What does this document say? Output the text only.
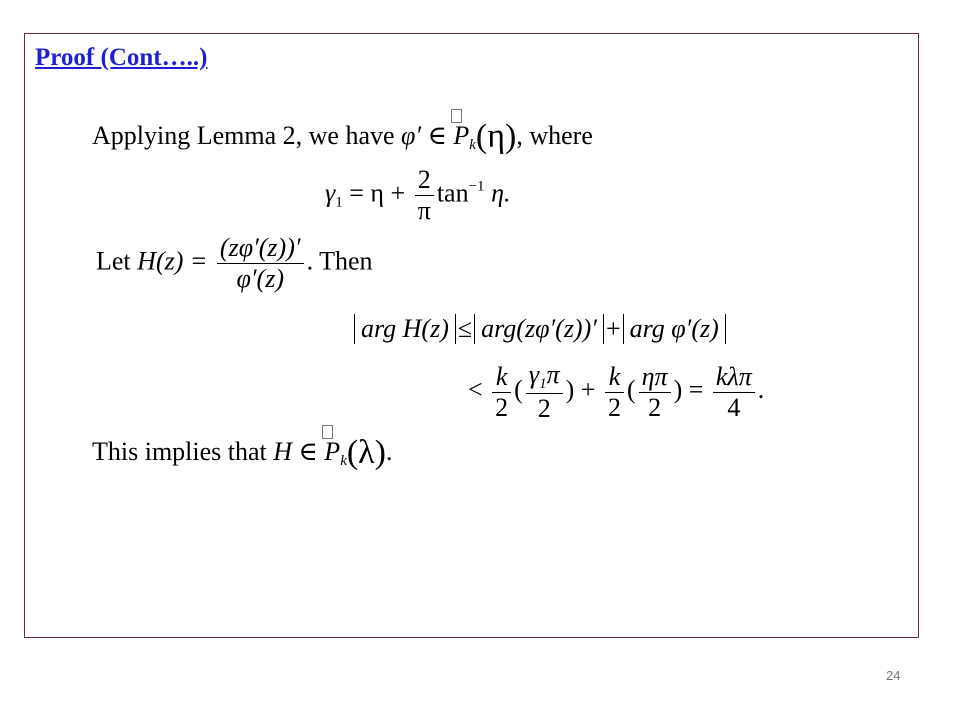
Proof (Cont…..)
Applying Lemma 2, we have φ′ ∈
$P_k(\eta)$, where
$\gamma_1 = \eta + \frac{2}{\pi} \tan^{-1} \eta$.
Let $H(z) = \frac{(z\varphi'(z))'}{\varphi'(z)}$ . Then
arg H(z) ≤ arg(zφ′(z))′ + arg φ′(z)
< $\frac{k}{2}$ ( $\frac{\gamma_1\pi}{2}$ ) + $\frac{k}{2}$ ( $\frac{\eta\pi}{2}$ ) = $\frac{\text{kλπ}}{4}$ .
This implies that H ∈
$P_k(\lambda)$.
24
